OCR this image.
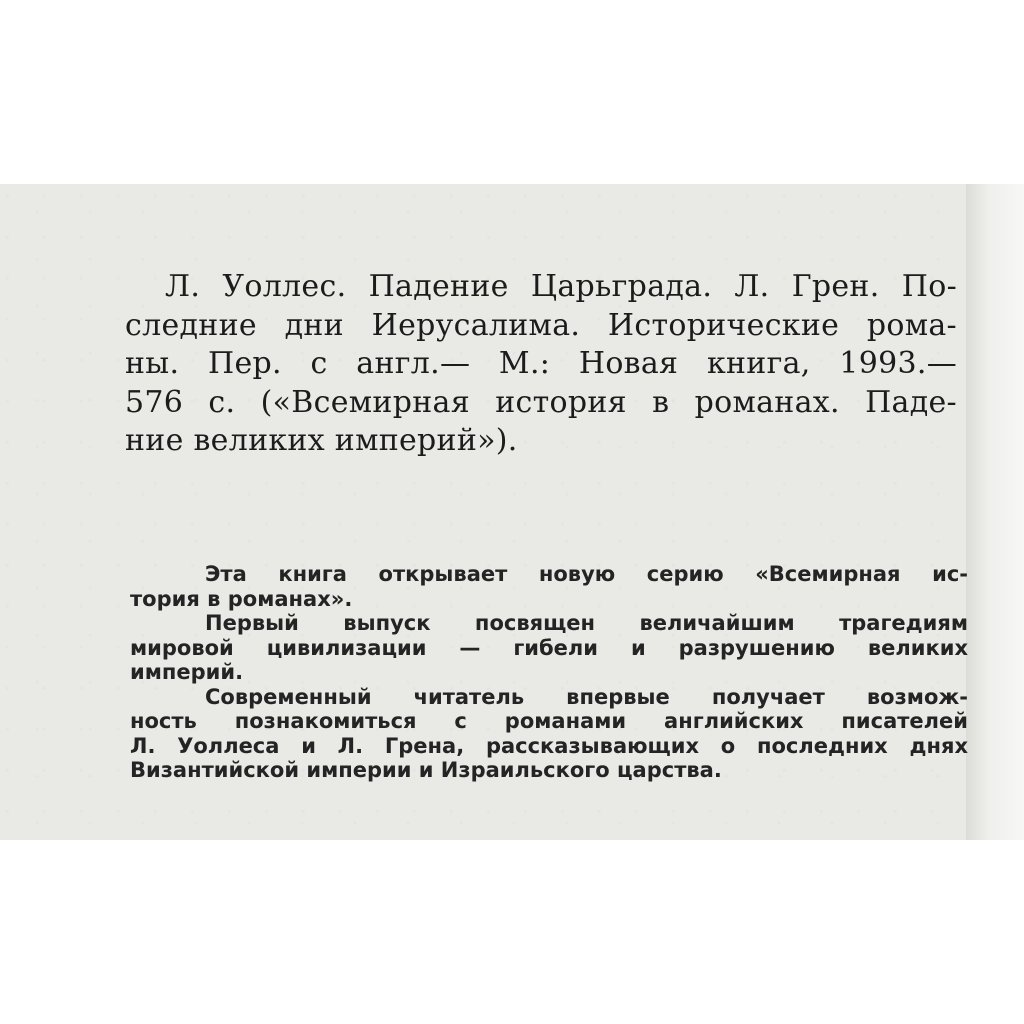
Л. Уоллес. Падение Царьграда. Л. Грен. По-
следние дни Иерусалима. Исторические рома-
ны. Пер. с англ.— М.: Новая книга, 1993.—
576 с. («Всемирная история в романах. Паде-
ние великих империй»).
Эта книга открывает новую серию «Всемирная ис-
тория в романах».
Первый выпуск посвящен величайшим трагедиям
мировой цивилизации — гибели и разрушению великих
империй.
Современный читатель впервые получает возмож-
ность познакомиться с романами английских писателей
Л. Уоллеса и Л. Грена, рассказывающих о последних днях
Византийской империи и Израильского царства.
